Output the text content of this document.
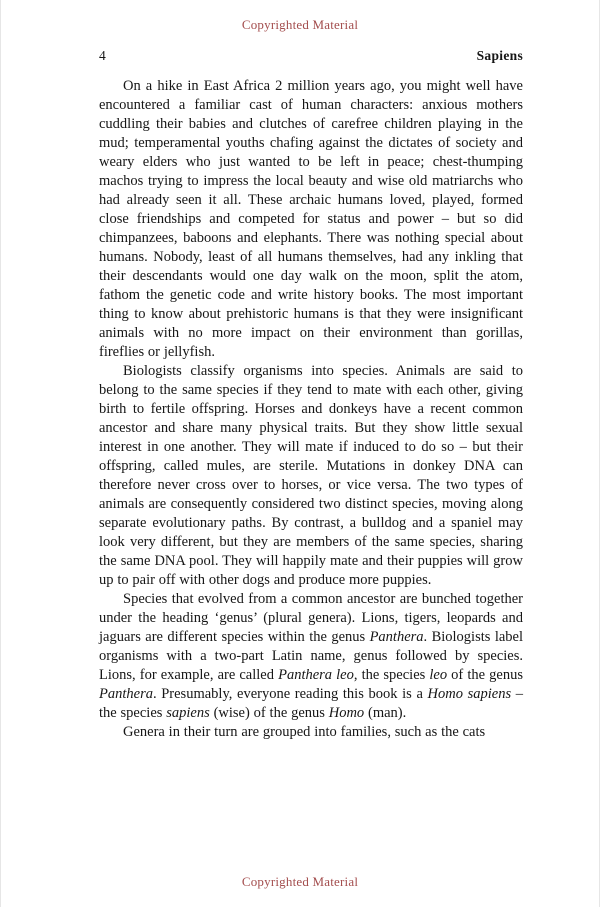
Copyrighted Material
4	Sapiens

On a hike in East Africa 2 million years ago, you might well have encountered a familiar cast of human characters: anxious mothers cuddling their babies and clutches of carefree children playing in the mud; temperamental youths chafing against the dictates of society and weary elders who just wanted to be left in peace; chest-thumping machos trying to impress the local beauty and wise old matriarchs who had already seen it all. These archaic humans loved, played, formed close friendships and competed for status and power – but so did chimpanzees, baboons and elephants. There was nothing special about humans. Nobody, least of all humans themselves, had any inkling that their descendants would one day walk on the moon, split the atom, fathom the genetic code and write history books. The most important thing to know about prehistoric humans is that they were insignificant animals with no more impact on their environment than gorillas, fireflies or jellyfish.

Biologists classify organisms into species. Animals are said to belong to the same species if they tend to mate with each other, giving birth to fertile offspring. Horses and donkeys have a recent common ancestor and share many physical traits. But they show little sexual interest in one another. They will mate if induced to do so – but their offspring, called mules, are sterile. Mutations in donkey DNA can therefore never cross over to horses, or vice versa. The two types of animals are consequently considered two distinct species, moving along separate evolutionary paths. By contrast, a bulldog and a spaniel may look very different, but they are members of the same species, sharing the same DNA pool. They will happily mate and their puppies will grow up to pair off with other dogs and produce more puppies.

Species that evolved from a common ancestor are bunched together under the heading ‘genus’ (plural genera). Lions, tigers, leopards and jaguars are different species within the genus Panthera. Biologists label organisms with a two-part Latin name, genus followed by species. Lions, for example, are called Panthera leo, the species leo of the genus Panthera. Presumably, everyone reading this book is a Homo sapiens – the species sapiens (wise) of the genus Homo (man).

Genera in their turn are grouped into families, such as the cats

Copyrighted Material
